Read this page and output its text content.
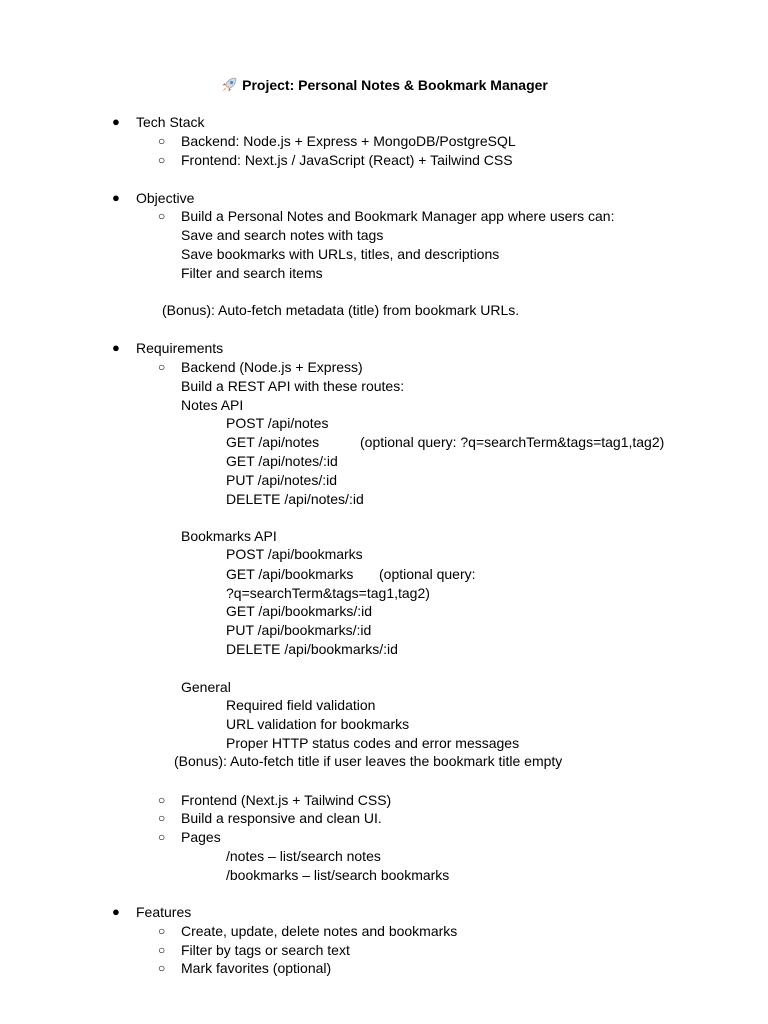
Project: Personal Notes & Bookmark Manager
● Tech Stack
○ Backend: Node.js + Express + MongoDB/PostgreSQL
○ Frontend: Next.js / JavaScript (React) + Tailwind CSS
● Objective
○ Build a Personal Notes and Bookmark Manager app where users can:
Save and search notes with tags
Save bookmarks with URLs, titles, and descriptions
Filter and search items
(Bonus): Auto-fetch metadata (title) from bookmark URLs.
● Requirements
○ Backend (Node.js + Express)
Build a REST API with these routes:
Notes API
POST /api/notes
GET /api/notes	(optional query: ?q=searchTerm&tags=tag1,tag2)
GET /api/notes/:id
PUT /api/notes/:id
DELETE /api/notes/:id
Bookmarks API
POST /api/bookmarks
GET /api/bookmarks (optional query:
?q=searchTerm&tags=tag1,tag2)
GET /api/bookmarks/:id
PUT /api/bookmarks/:id
DELETE /api/bookmarks/:id
General
Required field validation
URL validation for bookmarks
Proper HTTP status codes and error messages
(Bonus): Auto-fetch title if user leaves the bookmark title empty
○ Frontend (Next.js + Tailwind CSS)
○ Build a responsive and clean UI.
○ Pages
/notes – list/search notes
/bookmarks – list/search bookmarks
● Features
○ Create, update, delete notes and bookmarks
○ Filter by tags or search text
○ Mark favorites (optional)
